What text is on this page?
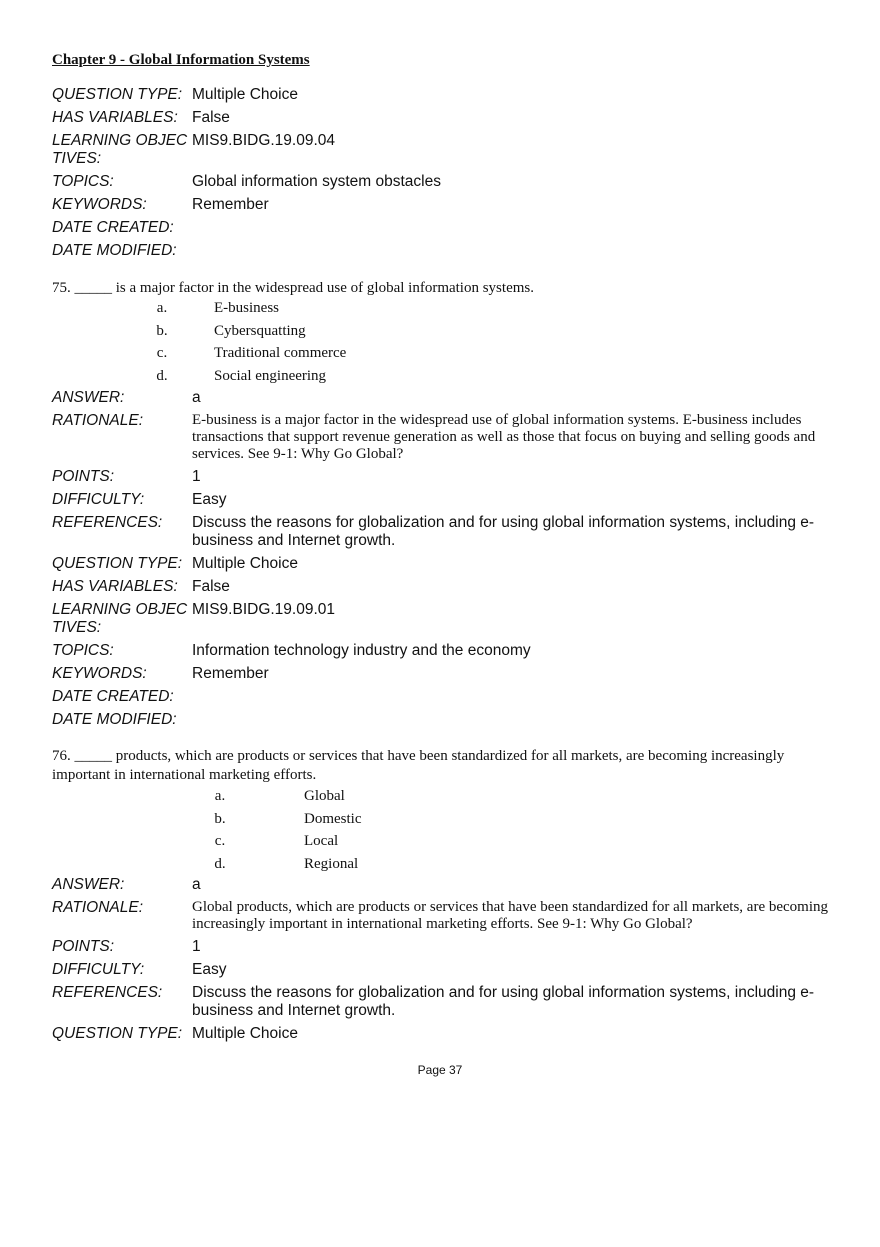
Chapter 9 - Global Information Systems
QUESTION TYPE: Multiple Choice
HAS VARIABLES: False
LEARNING OBJECTIVES:
MIS9.BIDG.19.09.04
TOPICS:	Global information system obstacles
KEYWORDS:	Remember
DATE CREATED:
DATE MODIFIED:
75. _____ is a major factor in the widespread use of global information systems.
a.	E-business
b.	Cybersquatting
c.	Traditional commerce
d.	Social engineering
ANSWER:	a
RATIONALE:	E-business is a major factor in the widespread use of global information systems. E-business includes transactions that support revenue generation as well as those that focus on buying and selling goods and services. See 9-1: Why Go Global?
POINTS:	1
DIFFICULTY:	Easy
REFERENCES:	Discuss the reasons for globalization and for using global information systems, including e-business and Internet growth.
QUESTION TYPE: Multiple Choice
HAS VARIABLES: False
LEARNING OBJECTIVES:
MIS9.BIDG.19.09.01
TOPICS:	Information technology industry and the economy
KEYWORDS:	Remember
DATE CREATED:
DATE MODIFIED:
76. _____ products, which are products or services that have been standardized for all markets, are becoming increasingly important in international marketing efforts.
a.	Global
b.	Domestic
c.	Local
d.	Regional
ANSWER:	a
RATIONALE:	Global products, which are products or services that have been standardized for all markets, are becoming increasingly important in international marketing efforts. See 9-1: Why Go Global?
POINTS:	1
DIFFICULTY:	Easy
REFERENCES:	Discuss the reasons for globalization and for using global information systems, including e-business and Internet growth.
QUESTION TYPE: Multiple Choice
Page 37
